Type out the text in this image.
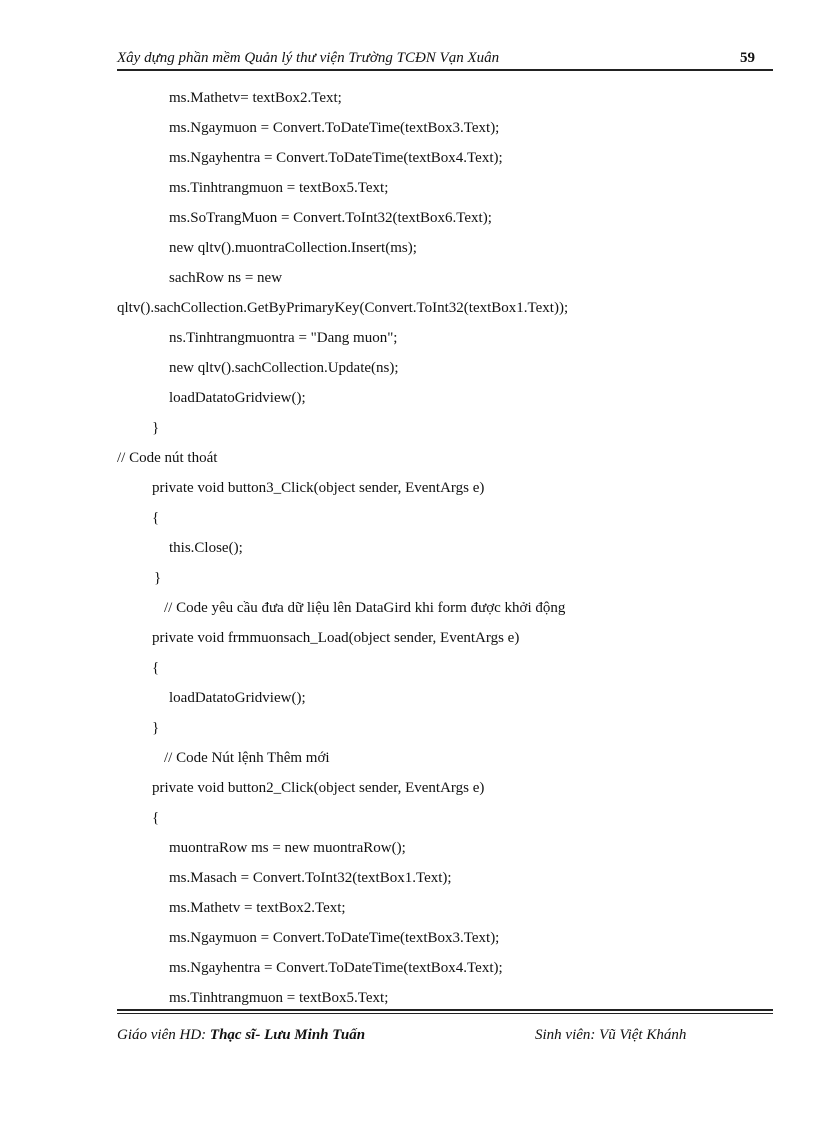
Xây dựng phần mềm Quản lý thư viện Trường TCĐN Vạn Xuân	59
ms.Mathetv= textBox2.Text;
ms.Ngaymuon = Convert.ToDateTime(textBox3.Text);
ms.Ngayhentra = Convert.ToDateTime(textBox4.Text);
ms.Tinhtrangmuon = textBox5.Text;
ms.SoTrangMuon = Convert.ToInt32(textBox6.Text);
new qltv().muontraCollection.Insert(ms);
sachRow ns = new
qltv().sachCollection.GetByPrimaryKey(Convert.ToInt32(textBox1.Text));
ns.Tinhtrangmuontra = "Dang muon";
new qltv().sachCollection.Update(ns);
loadDatatoGridview();
}
// Code nút thoát
private void button3_Click(object sender, EventArgs e)
{
this.Close();
}
// Code yêu cầu đưa dữ liệu lên DataGird khi form được khởi động
private void frmmuonsach_Load(object sender, EventArgs e)
{
loadDatatoGridview();
}
// Code Nút lệnh Thêm mới
private void button2_Click(object sender, EventArgs e)
{
muontraRow ms = new muontraRow();
ms.Masach = Convert.ToInt32(textBox1.Text);
ms.Mathetv = textBox2.Text;
ms.Ngaymuon = Convert.ToDateTime(textBox3.Text);
ms.Ngayhentra = Convert.ToDateTime(textBox4.Text);
ms.Tinhtrangmuon = textBox5.Text;
Giáo viên HD: Thạc sĩ- Lưu Minh Tuấn	Sinh viên: Vũ Việt Khánh
